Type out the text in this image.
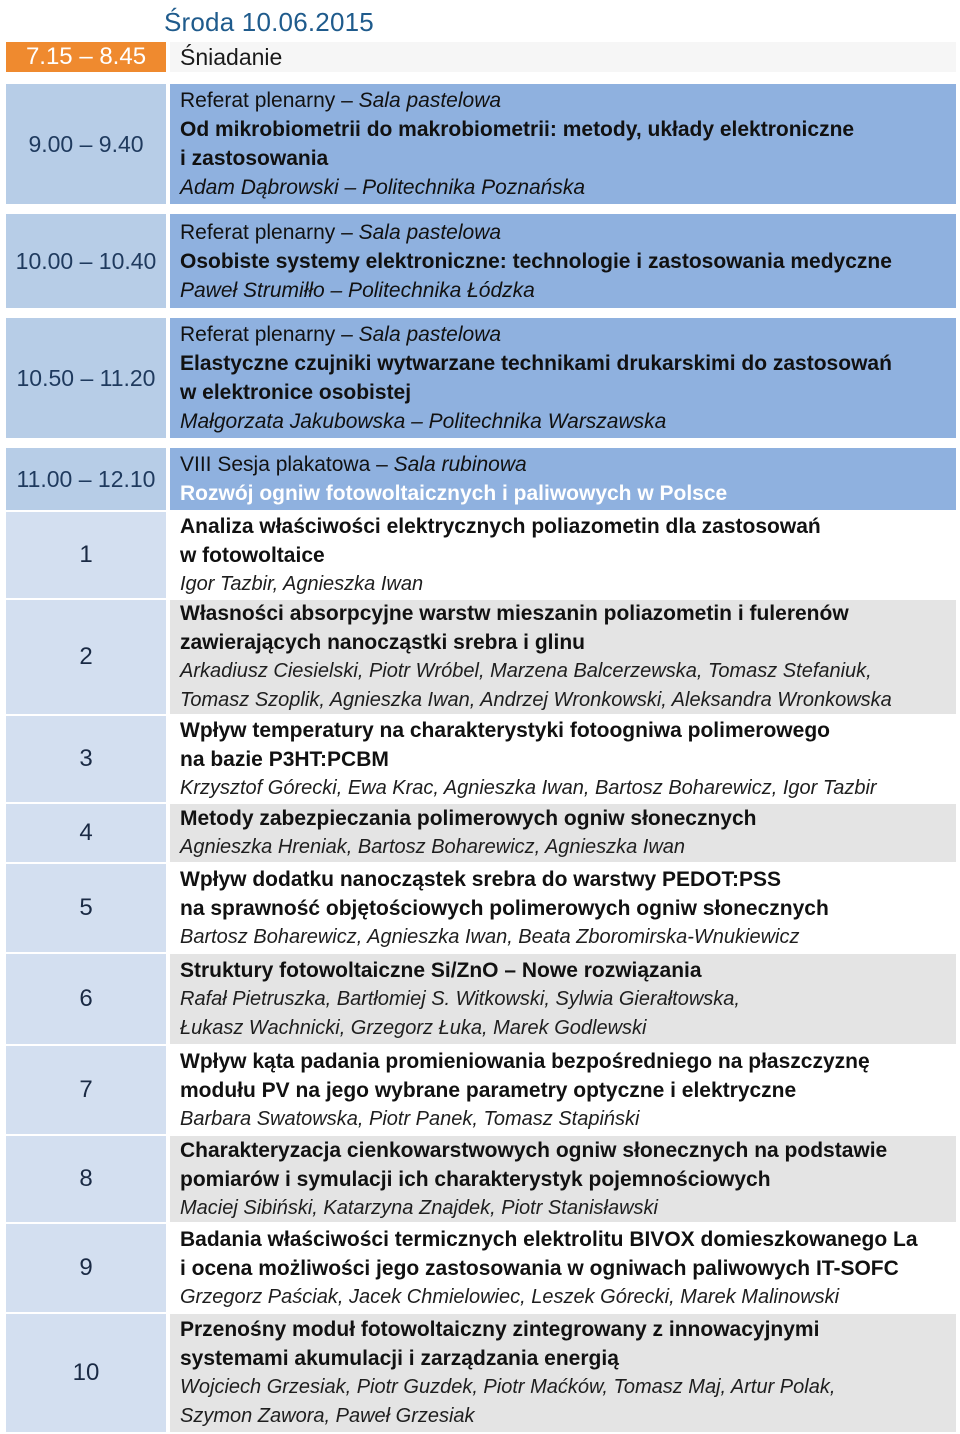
Środa 10.06.2015
7.15 – 8.45	Śniadanie
9.00 – 9.40
Referat plenarny – Sala pastelowa
Od mikrobiometrii do makrobiometrii: metody, układy elektroniczne
i zastosowania
Adam Dąbrowski – Politechnika Poznańska
10.00 – 10.40
Referat plenarny – Sala pastelowa
Osobiste systemy elektroniczne: technologie i zastosowania medyczne
Paweł Strumiłło – Politechnika Łódzka
10.50 – 11.20
Referat plenarny – Sala pastelowa
Elastyczne czujniki wytwarzane technikami drukarskimi do zastosowań
w elektronice osobistej
Małgorzata Jakubowska – Politechnika Warszawska
11.00 – 12.10
VIII Sesja plakatowa – Sala rubinowa
Rozwój ogniw fotowoltaicznych i paliwowych w Polsce
1
Analiza właściwości elektrycznych poliazometin dla zastosowań
w fotowoltaice
Igor Tazbir, Agnieszka Iwan
2
Własności absorpcyjne warstw mieszanin poliazometin i fulerenów
zawierających nanocząstki srebra i glinu
Arkadiusz Ciesielski, Piotr Wróbel, Marzena Balcerzewska, Tomasz Stefaniuk,
Tomasz Szoplik, Agnieszka Iwan, Andrzej Wronkowski, Aleksandra Wronkowska
3
Wpływ temperatury na charakterystyki fotoogniwa polimerowego
na bazie P3HT:PCBM
Krzysztof Górecki, Ewa Krac, Agnieszka Iwan, Bartosz Boharewicz, Igor Tazbir
4
Metody zabezpieczania polimerowych ogniw słonecznych
Agnieszka Hreniak, Bartosz Boharewicz, Agnieszka Iwan
5
Wpływ dodatku nanocząstek srebra do warstwy PEDOT:PSS
na sprawność objętościowych polimerowych ogniw słonecznych
Bartosz Boharewicz, Agnieszka Iwan, Beata Zboromirska-Wnukiewicz
6
Struktury fotowoltaiczne Si/ZnO – Nowe rozwiązania
Rafał Pietruszka, Bartłomiej S. Witkowski, Sylwia Gierałtowska,
Łukasz Wachnicki, Grzegorz Łuka, Marek Godlewski
7
Wpływ kąta padania promieniowania bezpośredniego na płaszczyznę
modułu PV na jego wybrane parametry optyczne i elektryczne
Barbara Swatowska, Piotr Panek, Tomasz Stapiński
8
Charakteryzacja cienkowarstwowych ogniw słonecznych na podstawie
pomiarów i symulacji ich charakterystyk pojemnościowych
Maciej Sibiński, Katarzyna Znajdek, Piotr Stanisławski
9
Badania właściwości termicznych elektrolitu BIVOX domieszkowanego La
i ocena możliwości jego zastosowania w ogniwach paliwowych IT-SOFC
Grzegorz Paściak, Jacek Chmielowiec, Leszek Górecki, Marek Malinowski
10
Przenośny moduł fotowoltaiczny zintegrowany z innowacyjnymi
systemami akumulacji i zarządzania energią
Wojciech Grzesiak, Piotr Guzdek, Piotr Maćków, Tomasz Maj, Artur Polak,
Szymon Zawora, Paweł Grzesiak
